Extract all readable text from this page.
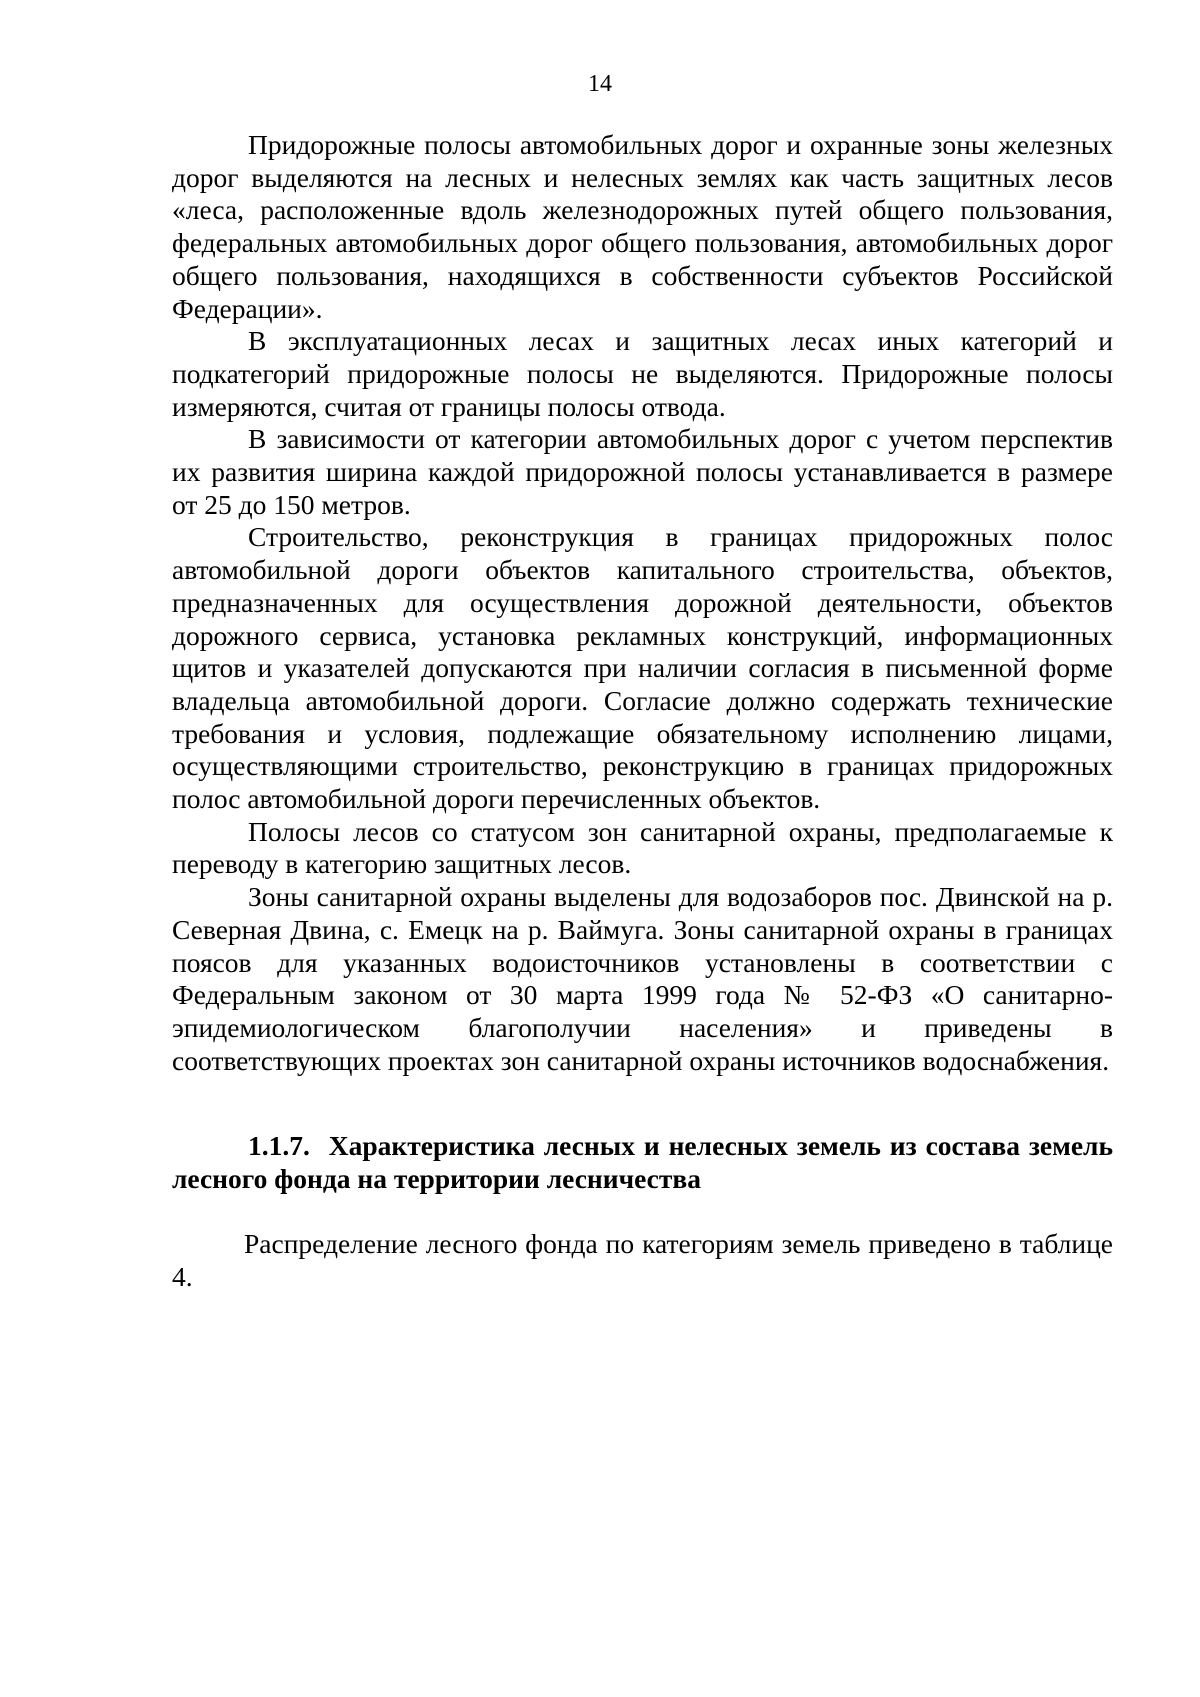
14

Придорожные полосы автомобильных дорог и охранные зоны железных дорог выделяются на лесных и нелесных землях как часть защитных лесов «леса, расположенные вдоль железнодорожных путей общего пользования, федеральных автомобильных дорог общего пользования, автомобильных дорог общего пользования, находящихся в собственности субъектов Российской Федерации».

В эксплуатационных лесах и защитных лесах иных категорий и подкатегорий придорожные полосы не выделяются. Придорожные полосы измеряются, считая от границы полосы отвода.

В зависимости от категории автомобильных дорог с учетом перспектив их развития ширина каждой придорожной полосы устанавливается в размере от 25 до 150 метров.

Строительство, реконструкция в границах придорожных полос автомобильной дороги объектов капитального строительства, объектов, предназначенных для осуществления дорожной деятельности, объектов дорожного сервиса, установка рекламных конструкций, информационных щитов и указателей допускаются при наличии согласия в письменной форме владельца автомобильной дороги. Согласие должно содержать технические требования и условия, подлежащие обязательному исполнению лицами, осуществляющими строительство, реконструкцию в границах придорожных полос автомобильной дороги перечисленных объектов.

Полосы лесов со статусом зон санитарной охраны, предполагаемые к переводу в категорию защитных лесов.

Зоны санитарной охраны выделены для водозаборов пос. Двинской на р. Северная Двина, с. Емецк на р. Ваймуга. Зоны санитарной охраны в границах поясов для указанных водоисточников установлены в соответствии с Федеральным законом от 30 марта 1999 года № 52-ФЗ «О санитарно-эпидемиологическом благополучии населения» и приведены в соответствующих проектах зон санитарной охраны источников водоснабжения.

1.1.7. Характеристика лесных и нелесных земель из состава земель лесного фонда на территории лесничества

Распределение лесного фонда по категориям земель приведено в таблице 4.
